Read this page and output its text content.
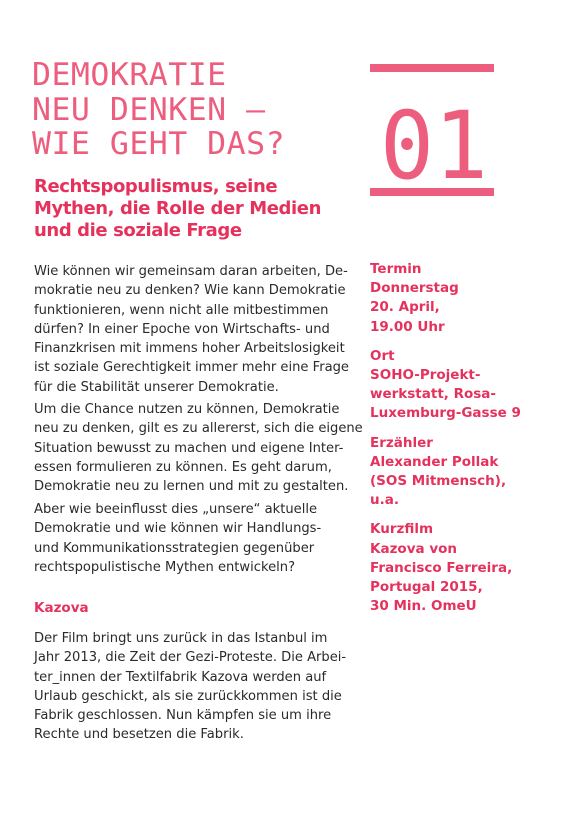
DEMOKRATIE
NEU DENKEN –
WIE GEHT DAS?	01
Rechtspopulismus, seine
Mythen, die Rolle der Medien
und die soziale Frage
Wie können wir gemeinsam daran arbeiten, De-
mokratie neu zu denken? Wie kann Demokratie
funktionieren, wenn nicht alle mitbestimmen
dürfen? In einer Epoche von Wirtschafts- und
Finanzkrisen mit immens hoher Arbeitslosigkeit
ist soziale Gerechtigkeit immer mehr eine Frage
für die Stabilität unserer Demokratie.
Um die Chance nutzen zu können, Demokratie
neu zu denken, gilt es zu allererst, sich die eigene
Situation bewusst zu machen und eigene Inter-
essen formulieren zu können. Es geht darum,
Demokratie neu zu lernen und mit zu gestalten.
Aber wie beeinflusst dies „unsere“ aktuelle
Demokratie und wie können wir Handlungs-
und Kommunikationsstrategien gegenüber
rechtspopulistische Mythen entwickeln?
Kazova
Der Film bringt uns zurück in das Istanbul im
Jahr 2013, die Zeit der Gezi-Proteste. Die Arbei-
ter_innen der Textilfabrik Kazova werden auf
Urlaub geschickt, als sie zurückkommen ist die
Fabrik geschlossen. Nun kämpfen sie um ihre
Rechte und besetzen die Fabrik.
Termin
Donnerstag
20. April,
19.00 Uhr
Ort
SOHO-Projekt-
werkstatt, Rosa-
Luxemburg-Gasse 9
Erzähler
Alexander Pollak
(SOS Mitmensch),
u.a.
Kurzfilm
Kazova von
Francisco Ferreira,
Portugal 2015,
30 Min. OmeU
